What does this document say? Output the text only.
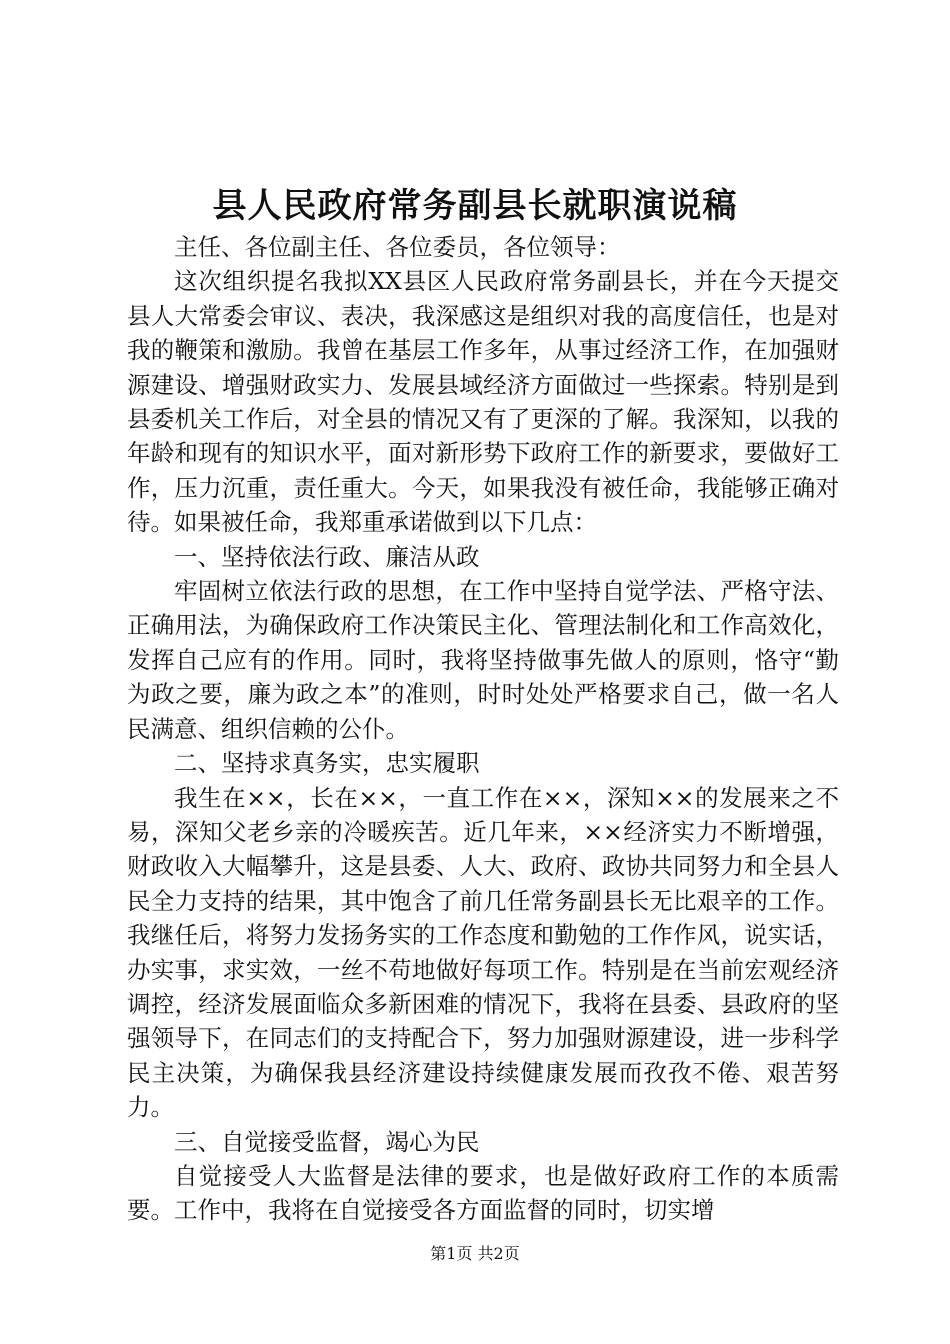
县人民政府常务副县长就职演说稿

主任、各位副主任、各位委员，各位领导：

这次组织提名我拟XX县区人民政府常务副县长，并在今天提交县人大常委会审议、表决，我深感这是组织对我的高度信任，也是对我的鞭策和激励。我曾在基层工作多年，从事过经济工作，在加强财源建设、增强财政实力、发展县域经济方面做过一些探索。特别是到县委机关工作后，对全县的情况又有了更深的了解。我深知，以我的年龄和现有的知识水平，面对新形势下政府工作的新要求，要做好工作，压力沉重，责任重大。今天，如果我没有被任命，我能够正确对待。如果被任命，我郑重承诺做到以下几点：

一、坚持依法行政、廉洁从政

牢固树立依法行政的思想，在工作中坚持自觉学法、严格守法、正确用法，为确保政府工作决策民主化、管理法制化和工作高效化，发挥自己应有的作用。同时，我将坚持做事先做人的原则，恪守“勤为政之要，廉为政之本”的准则，时时处处严格要求自己，做一名人民满意、组织信赖的公仆。

二、坚持求真务实，忠实履职

我生在××，长在××，一直工作在××，深知××的发展来之不易，深知父老乡亲的冷暖疾苦。近几年来，××经济实力不断增强，财政收入大幅攀升，这是县委、人大、政府、政协共同努力和全县人民全力支持的结果，其中饱含了前几任常务副县长无比艰辛的工作。我继任后，将努力发扬务实的工作态度和勤勉的工作作风，说实话，办实事，求实效，一丝不苟地做好每项工作。特别是在当前宏观经济调控，经济发展面临众多新困难的情况下，我将在县委、县政府的坚强领导下，在同志们的支持配合下，努力加强财源建设，进一步科学民主决策，为确保我县经济建设持续健康发展而孜孜不倦、艰苦努力。

三、自觉接受监督，竭心为民

自觉接受人大监督是法律的要求，也是做好政府工作的本质需要。工作中，我将在自觉接受各方面监督的同时，切实增

第1页 共2页
